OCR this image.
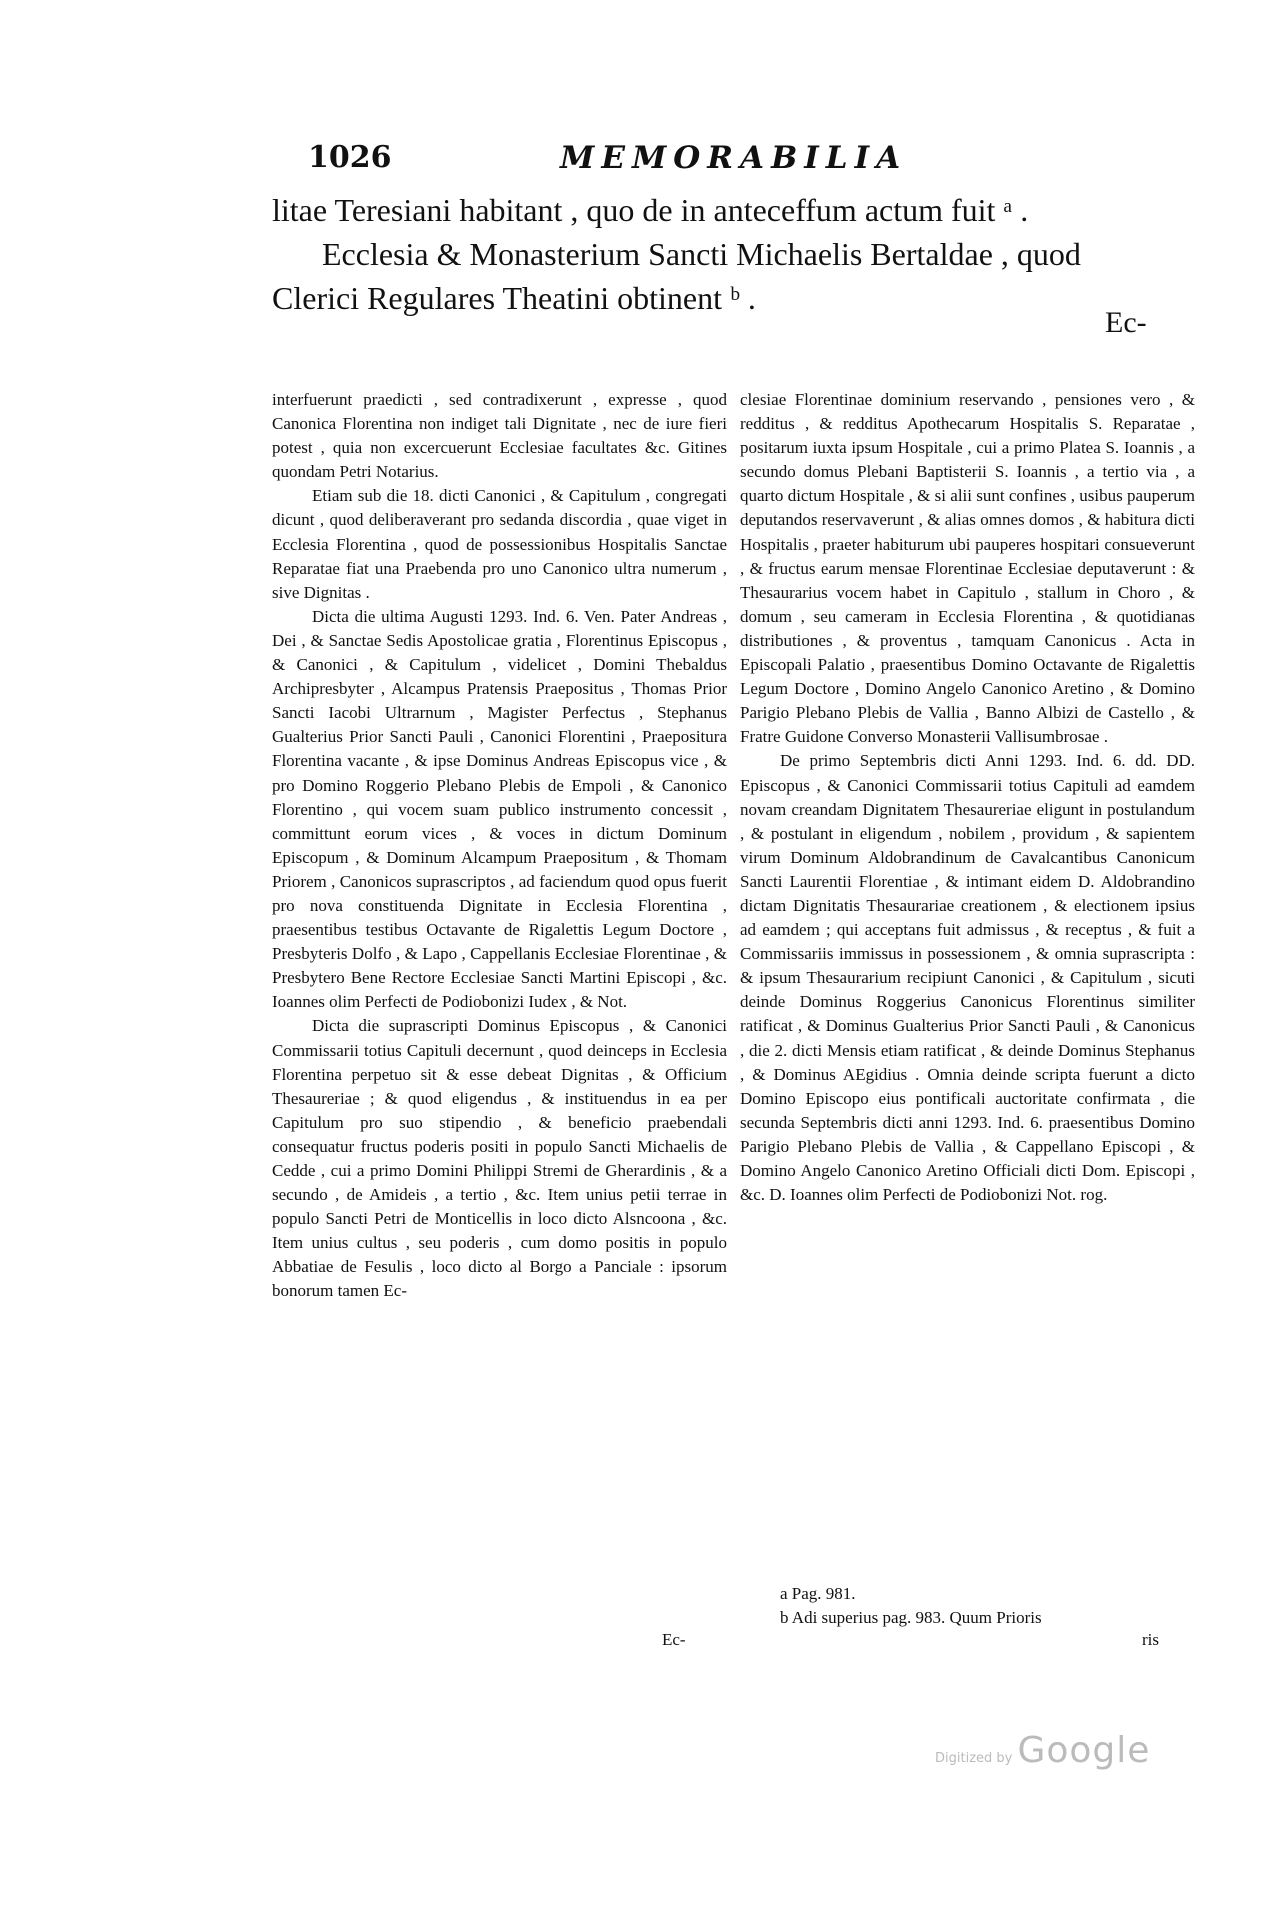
1026	MEMORABILIA

litae Teresiani habitant , quo de in anteceffum actum fuit ᵃ .

Ecclesia & Monasterium Sancti Michaelis Bertaldae , quod Clerici Regulares Theatini obtinent ᵇ .

Ec-

interfuerunt praedicti , sed contradixerunt , expresse , quod Canonica Florentina non indiget tali Dignitate , nec de iure fieri potest , quia non excercuerunt Ecclesiae facultates &c. Gitines quondam Petri Notarius.

Etiam sub die 18. dicti Canonici , & Capitulum , congregati dicunt , quod deliberaverant pro sedanda discordia , quae viget in Ecclesia Florentina , quod de possessionibus Hospitalis Sanctae Reparatae fiat una Praebenda pro uno Canonico ultra numerum , sive Dignitas .

Dicta die ultima Augusti 1293. Ind. 6. Ven. Pater Andreas , Dei , & Sanctae Sedis Apostolicae gratia , Florentinus Episcopus , & Canonici , & Capitulum , videlicet , Domini Thebaldus Archipresbyter , Alcampus Pratensis Praepositus , Thomas Prior Sancti Iacobi Ultrarnum , Magister Perfectus , Stephanus Gualterius Prior Sancti Pauli , Canonici Florentini , Praepositura Florentina vacante , & ipse Dominus Andreas Episcopus vice , & pro Domino Roggerio Plebano Plebis de Empoli , & Canonico Florentino , qui vocem suam publico instrumento concessit , committunt eorum vices , & voces in dictum Dominum Episcopum , & Dominum Alcampum Praepositum , & Thomam Priorem , Canonicos suprascriptos , ad faciendum quod opus fuerit pro nova constituenda Dignitate in Ecclesia Florentina , praesentibus testibus Octavante de Rigalettis Legum Doctore , Presbyteris Dolfo , & Lapo , Cappellanis Ecclesiae Florentinae , & Presbytero Bene Rectore Ecclesiae Sancti Martini Episcopi , &c. Ioannes olim Perfecti de Podiobonizi Iudex , & Not.

Dicta die suprascripti Dominus Episcopus , & Canonici Commissarii totius Capituli decernunt , quod deinceps in Ecclesia Florentina perpetuo sit & esse debeat Dignitas , & Officium Thesaureriae ; & quod eligendus , & instituendus in ea per Capitulum pro suo stipendio , & beneficio praebendali consequatur fructus poderis positi in populo Sancti Michaelis de Cedde , cui a primo Domini Philippi Stremi de Gherardinis , & a secundo , de Amideis , a tertio , &c. Item unius petii terrae in populo Sancti Petri de Monticellis in loco dicto Alsncoona , &c. Item unius cultus , seu poderis , cum domo positis in populo Abbatiae de Fesulis , loco dicto al Borgo a Panciale : ipsorum bonorum tamen Ec-

Ec-

clesiae Florentinae dominium reservando , pensiones vero , & redditus , & redditus Apothecarum Hospitalis S. Reparatae , positarum iuxta ipsum Hospitale , cui a primo Platea S. Ioannis , a secundo domus Plebani Baptisterii S. Ioannis , a tertio via , a quarto dictum Hospitale , & si alii sunt confines , usibus pauperum deputandos reservaverunt , & alias omnes domos , & habitura dicti Hospitalis , praeter habiturum ubi pauperes hospitari consueverunt , & fructus earum mensae Florentinae Ecclesiae deputaverunt : & Thesaurarius vocem habet in Capitulo , stallum in Choro , & domum , seu cameram in Ecclesia Florentina , & quotidianas distributiones , & proventus , tamquam Canonicus . Acta in Episcopali Palatio , praesentibus Domino Octavante de Rigalettis Legum Doctore , Domino Angelo Canonico Aretino , & Domino Parigio Plebano Plebis de Vallia , Banno Albizi de Castello , & Fratre Guidone Converso Monasterii Vallisumbrosae .

De primo Septembris dicti Anni 1293. Ind. 6. dd. DD. Episcopus , & Canonici Commissarii totius Capituli ad eamdem novam creandam Dignitatem Thesaureriae eligunt in postulandum , & postulant in eligendum , nobilem , providum , & sapientem virum Dominum Aldobrandinum de Cavalcantibus Canonicum Sancti Laurentii Florentiae , & intimant eidem D. Aldobrandino dictam Dignitatis Thesaurariae creationem , & electionem ipsius ad eamdem ; qui acceptans fuit admissus , & receptus , & fuit a Commissariis immissus in possessionem , & omnia suprascripta : & ipsum Thesaurarium recipiunt Canonici , & Capitulum , sicuti deinde Dominus Roggerius Canonicus Florentinus similiter ratificat , & Dominus Gualterius Prior Sancti Pauli , & Canonicus , die 2. dicti Mensis etiam ratificat , & deinde Dominus Stephanus , & Dominus AEgidius . Omnia deinde scripta fuerunt a dicto Domino Episcopo eius pontificali auctoritate confirmata , die secunda Septembris dicti anni 1293. Ind. 6. praesentibus Domino Parigio Plebano Plebis de Vallia , & Cappellano Episcopi , & Domino Angelo Canonico Aretino Officiali dicti Dom. Episcopi , &c. D. Ioannes olim Perfecti de Podiobonizi Not. rog.

a Pag. 981.

b Adi superius pag. 983. Quum Prioris

ris
Digitized by Google
